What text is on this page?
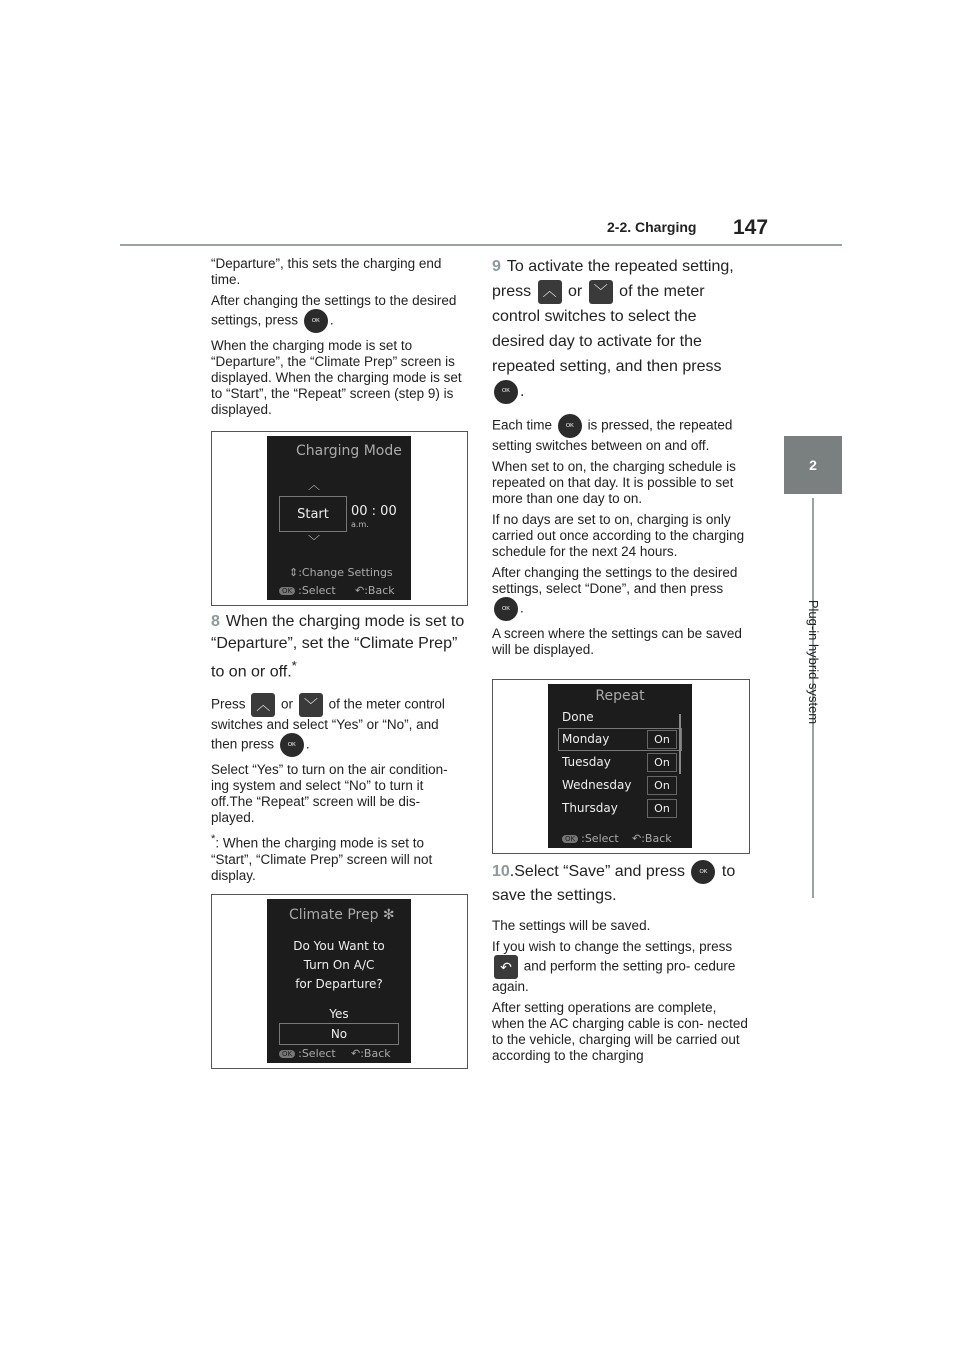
2-2. Charging 147
2
Plug-in hybrid system

“Departure”, this sets the charging end time.

After changing the settings to the desired settings, press	OK .

When the charging mode is set to “Departure”, the “Climate Prep” screen is displayed. When the charging mode is set to “Start”, the “Repeat” screen (step 9) is displayed.

Charging Mode
︿
Start 00 : 00
a.m.
﹀
⇕:Change Settings
OK :Select ↶:Back
8 When the charging mode is set to “Departure”, set the “Climate Prep” to on or off.*

Press ︿ or ﹀ of the meter control switches and select “Yes” or “No”, and then press	OK .

Select “Yes” to turn on the air condition- ing system and select “No” to turn it off.The “Repeat” screen will be dis- played.

*: When the charging mode is set to “Start”, “Climate Prep” screen will not display.

Climate Prep ✻
Do You Want to
Turn On A/C
for Departure?
Yes
No
OK :Select ↶:Back
9 To activate the repeated setting, press ︿ or ﹀ of the meter control switches to select the desired day to activate for the repeated setting, and then press OK .

Each time	OK is pressed, the repeated setting switches between on and off.

When set to on, the charging schedule is repeated on that day. It is possible to set more than one day to on.

If no days are set to on, charging is only carried out once according to the charging schedule for the next 24 hours.

After changing the settings to the desired settings, select “Done”, and then press OK .

A screen where the settings can be saved will be displayed.

Repeat
Done
Monday	On
Tuesday	On
Wednesday	On
Thursday	On
OK :Select ↶:Back
10.Select “Save” and press	OK to save the settings.

The settings will be saved.

If you wish to change the settings, press ↶ and perform the setting pro- cedure again.

After setting operations are complete, when the AC charging cable is con- nected to the vehicle, charging will be carried out according to the charging
